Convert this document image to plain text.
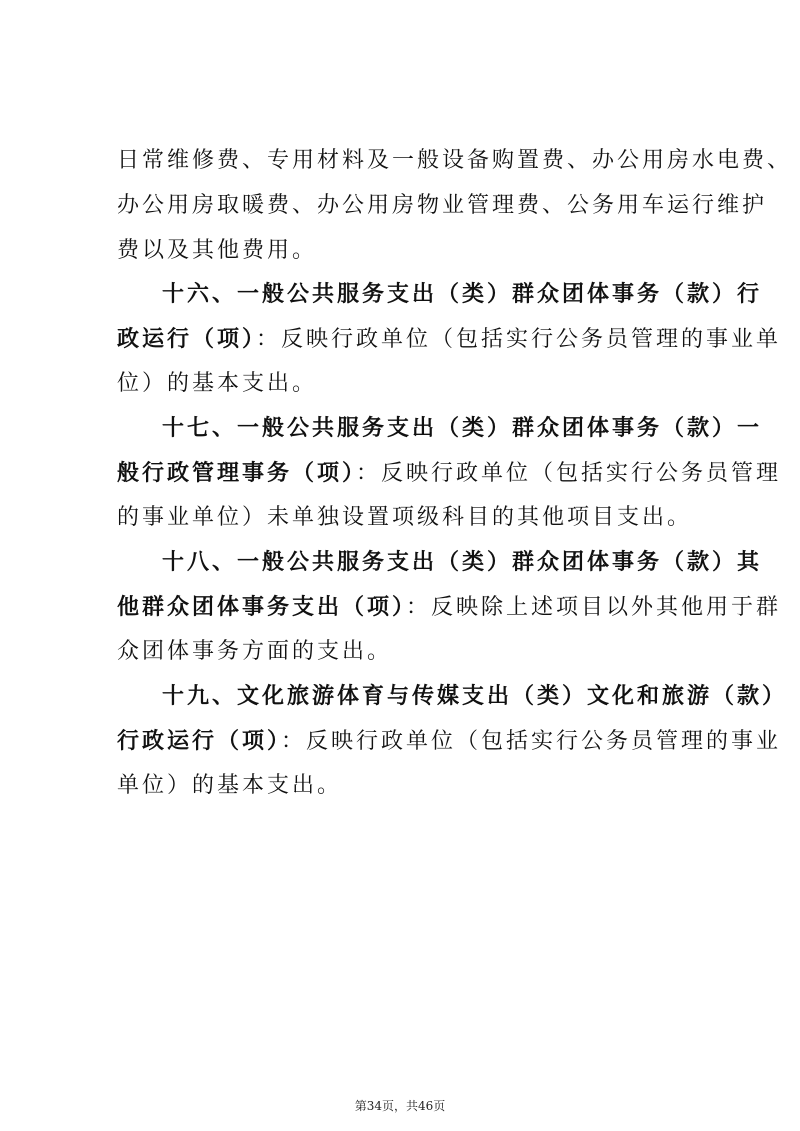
日常维修费、专用材料及一般设备购置费、办公用房水电费、
办公用房取暖费、办公用房物业管理费、公务用车运行维护
费以及其他费用。
十六、一般公共服务支出（类）群众团体事务（款）行
政运行（项）：反映行政单位（包括实行公务员管理的事业单
位）的基本支出。
十七、一般公共服务支出（类）群众团体事务（款）一
般行政管理事务（项）：反映行政单位（包括实行公务员管理
的事业单位）未单独设置项级科目的其他项目支出。
十八、一般公共服务支出（类）群众团体事务（款）其
他群众团体事务支出（项）：反映除上述项目以外其他用于群
众团体事务方面的支出。
十九、文化旅游体育与传媒支出（类）文化和旅游（款）
行政运行（项）：反映行政单位（包括实行公务员管理的事业
单位）的基本支出。
第34页，共46页
